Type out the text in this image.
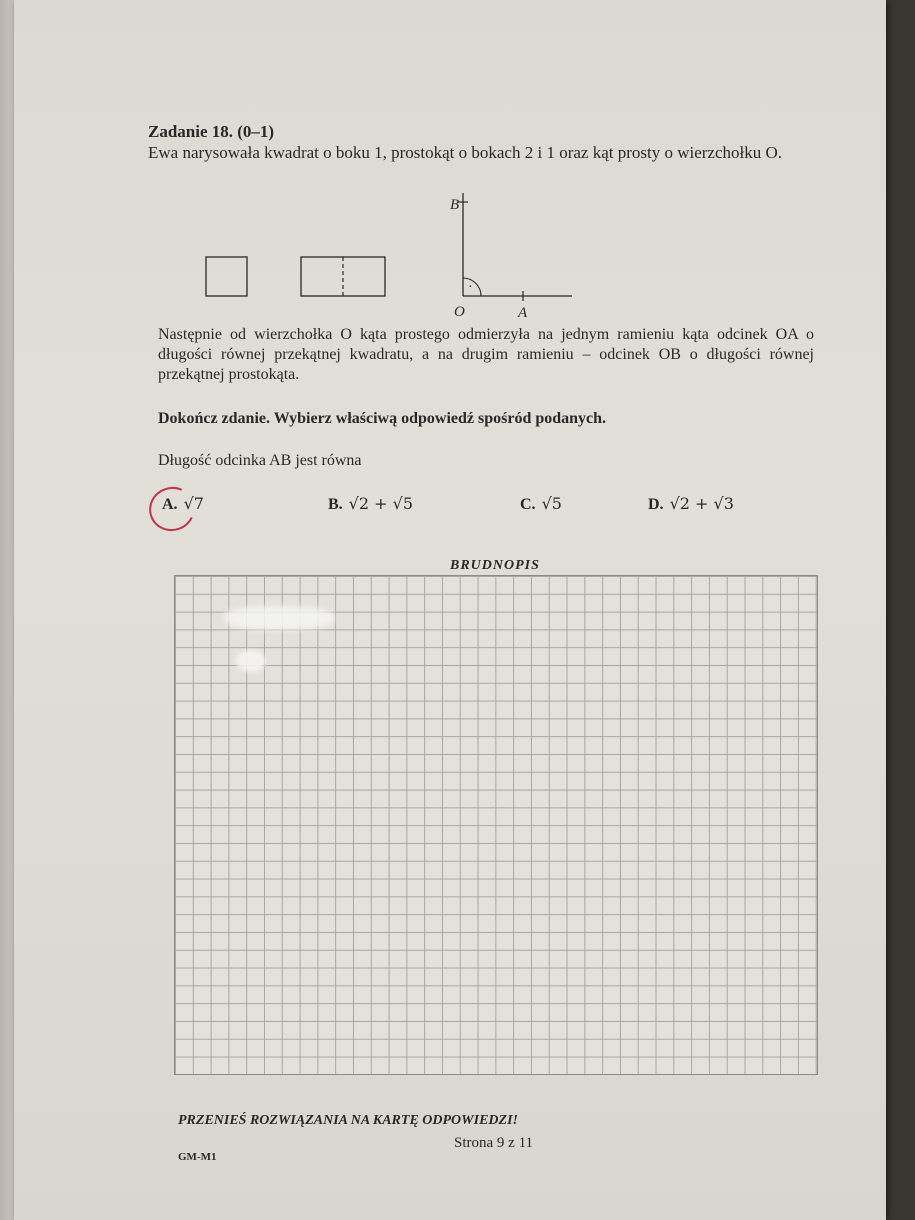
Zadanie 18. (0–1)
Ewa narysowała kwadrat o boku 1, prostokąt o bokach 2 i 1 oraz kąt prosty o wierzchołku O.
·
B
O	A
Następnie od wierzchołka O kąta prostego odmierzyła na jednym ramieniu kąta odcinek OA o długości równej przekątnej kwadratu, a na drugim ramieniu – odcinek OB o długości równej przekątnej prostokąta.
Dokończ zdanie. Wybierz właściwą odpowiedź spośród podanych.
Długość odcinka AB jest równa
A. √7	B. √2 + √5	C. √5	D. √2 + √3
BRUDNOPIS
PRZENIEŚ ROZWIĄZANIA NA KARTĘ ODPOWIEDZI!
Strona 9 z 11
GM-M1
